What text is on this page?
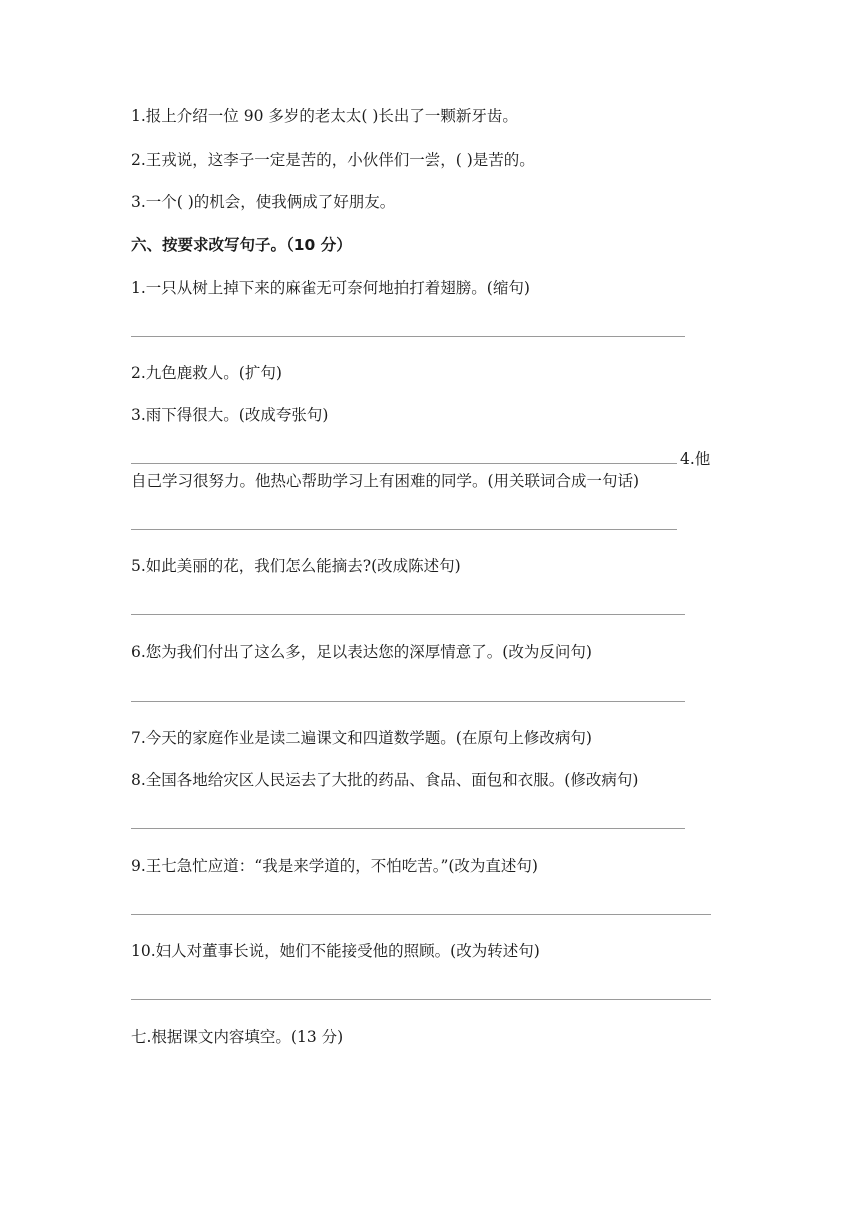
1.报上介绍一位 90 多岁的老太太( )长出了一颗新牙齿。
2.王戎说，这李子一定是苦的，小伙伴们一尝，( )是苦的。
3.一个( )的机会，使我俩成了好朋友。
六、按要求改写句子。（10 分）
1.一只从树上掉下来的麻雀无可奈何地拍打着翅膀。(缩句)
2.九色鹿救人。(扩句)
3.雨下得很大。(改成夸张句)
4.他
自己学习很努力。他热心帮助学习上有困难的同学。(用关联词合成一句话)
5.如此美丽的花，我们怎么能摘去?(改成陈述句)
6.您为我们付出了这么多，足以表达您的深厚情意了。(改为反问句)
7.今天的家庭作业是读二遍课文和四道数学题。(在原句上修改病句)
8.全国各地给灾区人民运去了大批的药品、食品、面包和衣服。(修改病句)
9.王七急忙应道：“我是来学道的，不怕吃苦。”(改为直述句)
10.妇人对董事长说，她们不能接受他的照顾。(改为转述句)
七.根据课文内容填空。(13 分)
